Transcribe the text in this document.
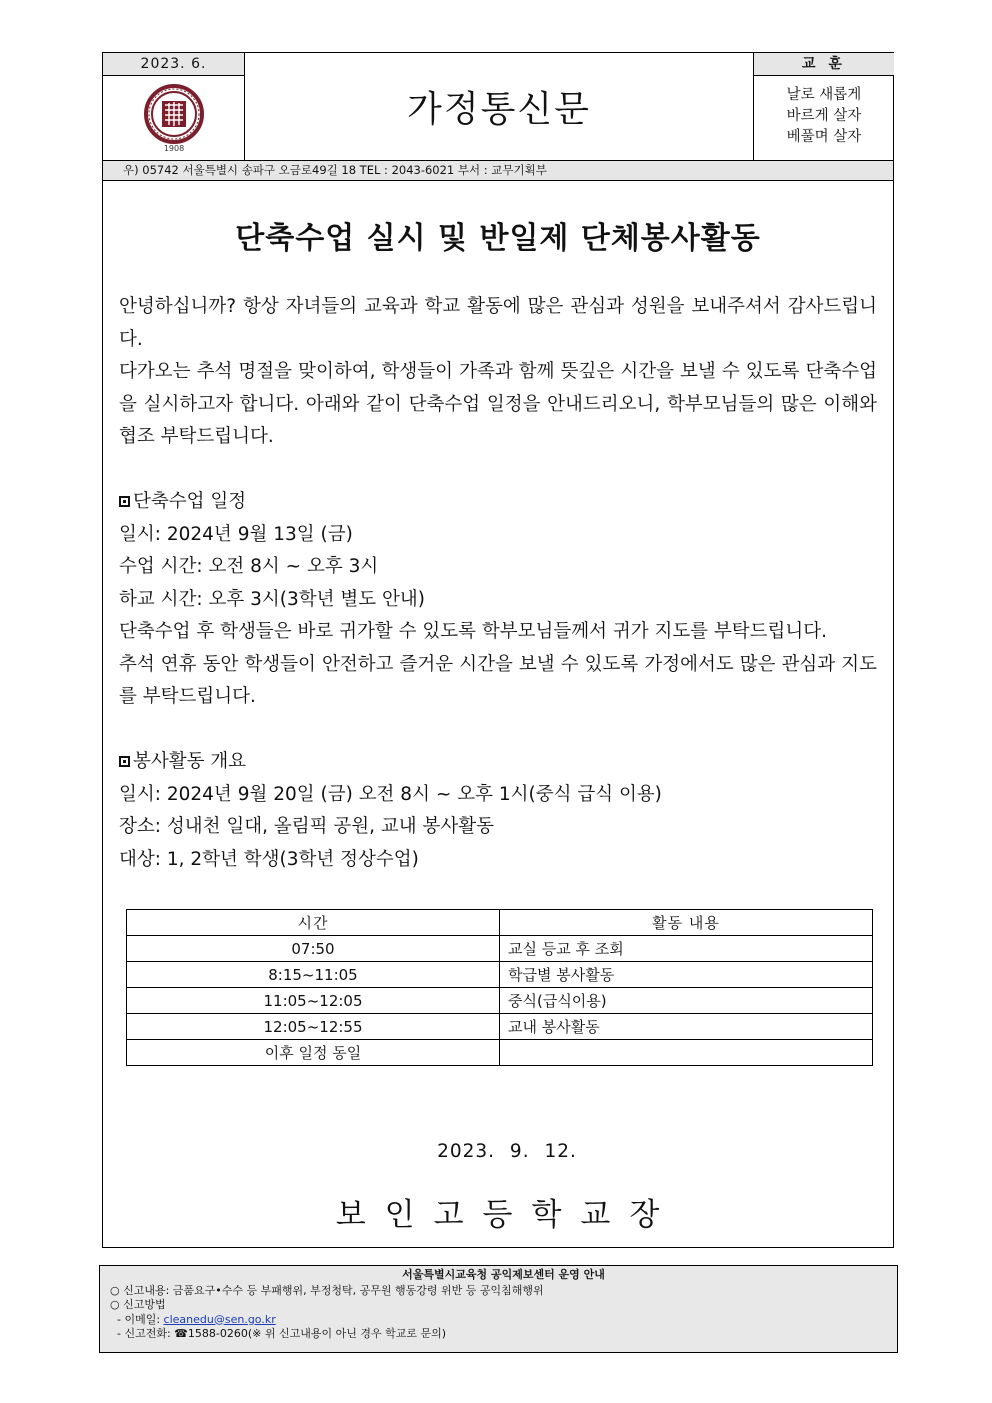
2023. 6.
1908
가정통신문
교 훈
날로 새롭게
바르게 살자
베풀며 살자
우) 05742 서울특별시 송파구 오금로49길 18 TEL : 2043-6021 부서 : 교무기획부
단축수업 실시 및 반일제 단체봉사활동

안녕하십니까? 항상 자녀들의 교육과 학교 활동에 많은 관심과 성원을 보내주셔서 감사드립니다.

다가오는 추석 명절을 맞이하여, 학생들이 가족과 함께 뜻깊은 시간을 보낼 수 있도록 단축수업을 실시하고자 합니다. 아래와 같이 단축수업 일정을 안내드리오니, 학부모님들의 많은 이해와 협조 부탁드립니다.

단축수업 일정

일시: 2024년 9월 13일 (금)

수업 시간: 오전 8시 ~ 오후 3시

하교 시간: 오후 3시(3학년 별도 안내)

단축수업 후 학생들은 바로 귀가할 수 있도록 학부모님들께서 귀가 지도를 부탁드립니다.

추석 연휴 동안 학생들이 안전하고 즐거운 시간을 보낼 수 있도록 가정에서도 많은 관심과 지도를 부탁드립니다.

봉사활동 개요

일시: 2024년 9월 20일 (금) 오전 8시 ~ 오후 1시(중식 급식 이용)

장소: 성내천 일대, 올림픽 공원, 교내 봉사활동

대상: 1, 2학년 학생(3학년 정상수업)

시간	활동 내용
07:50	교실 등교 후 조회
8:15~11:05	학급별 봉사활동
11:05~12:05	중식(급식이용)
12:05~12:55	교내 봉사활동
이후 일정 동일	
2023. 9. 12.
보인고등학교장
서울특별시교육청 공익제보센터 운영 안내
○ 신고내용: 금품요구•수수 등 부패행위, 부정청탁, 공무원 행동강령 위반 등 공익침해행위
○ 신고방법
- 이메일: cleanedu@sen.go.kr
- 신고전화: ☎1588-0260(※ 위 신고내용이 아닌 경우 학교로 문의)
